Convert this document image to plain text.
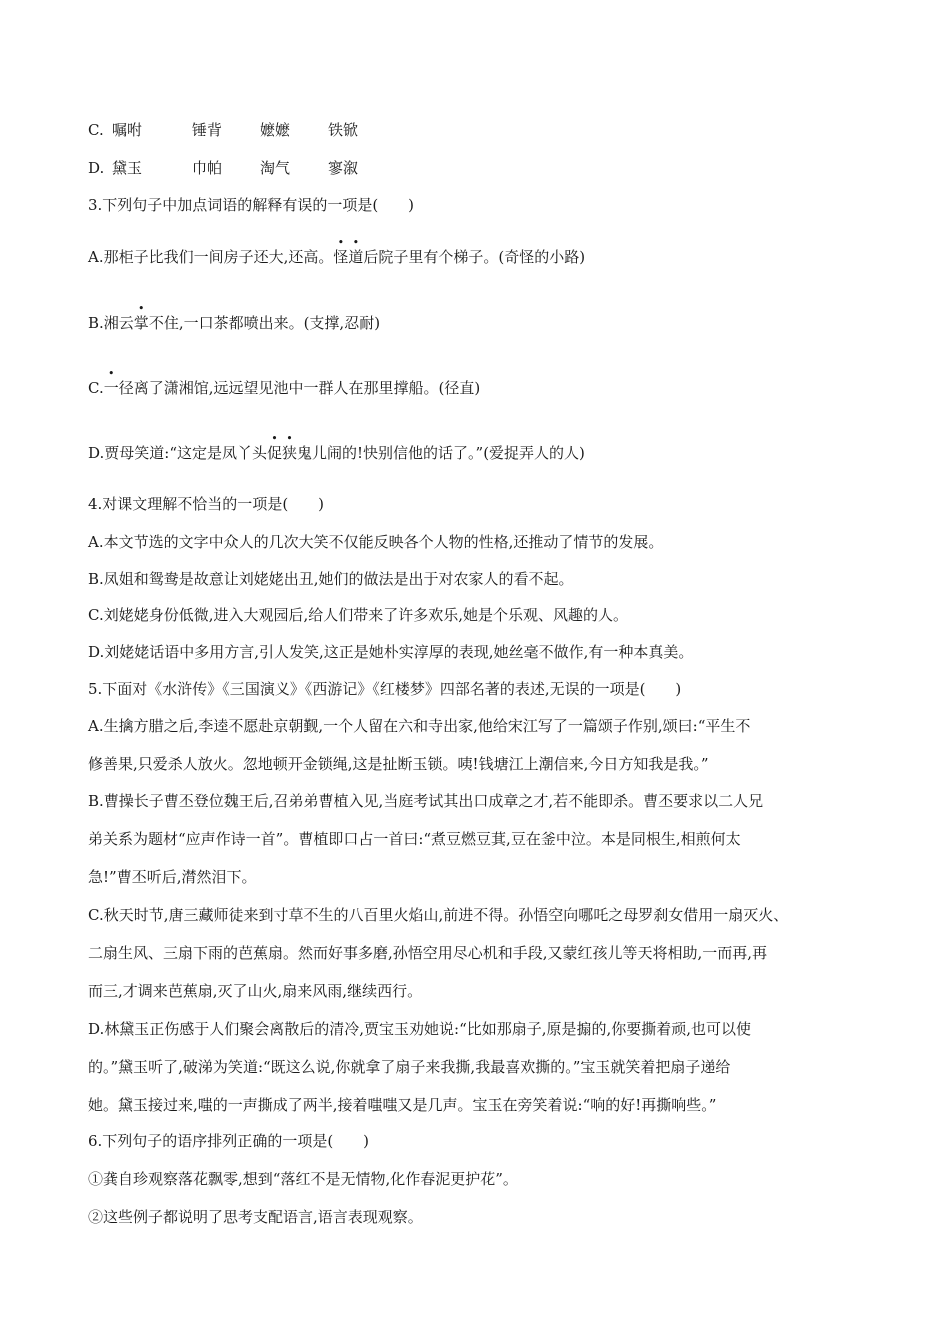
C. 嘱咐	锤背	嬷嬷	铁锨
D. 黛玉	巾帕	淘气	寥溆
3.下列句子中加点词语的解释有误的一项是(　　)
A.那柜子比我们一间房子还大,还高。
• •
怪道后院子里有个梯子。(奇怪的小路)
B.湘云
•
掌不住,一口茶都喷出来。(支撑,忍耐)
C.
•
一径离了潇湘馆,远远望见池中一群人在那里撑船。(径直)
D.贾母笑道:“这定是凤丫头
• •
促狭鬼儿闹的!快别信他的话了。”(爱捉弄人的人)
4.对课文理解不恰当的一项是(　　)
A.本文节选的文字中众人的几次大笑不仅能反映各个人物的性格,还推动了情节的发展。
B.凤姐和鸳鸯是故意让刘姥姥出丑,她们的做法是出于对农家人的看不起。
C.刘姥姥身份低微,进入大观园后,给人们带来了许多欢乐,她是个乐观、风趣的人。
D.刘姥姥话语中多用方言,引人发笑,这正是她朴实淳厚的表现,她丝毫不做作,有一种本真美。
5.下面对《水浒传》《三国演义》《西游记》《红楼梦》四部名著的表述,无误的一项是(　　)
A.生擒方腊之后,李逵不愿赴京朝觐,一个人留在六和寺出家,他给宋江写了一篇颂子作别,颂曰:“平生不
修善果,只爱杀人放火。忽地顿开金锁绳,这是扯断玉锁。咦!钱塘江上潮信来,今日方知我是我。”
B.曹操长子曹丕登位魏王后,召弟弟曹植入见,当庭考试其出口成章之才,若不能即杀。曹丕要求以二人兄
弟关系为题材“应声作诗一首”。曹植即口占一首曰:“煮豆燃豆萁,豆在釜中泣。本是同根生,相煎何太
急!”曹丕听后,潸然泪下。
C.秋天时节,唐三藏师徒来到寸草不生的八百里火焰山,前进不得。孙悟空向哪吒之母罗刹女借用一扇灭火、
二扇生风、三扇下雨的芭蕉扇。然而好事多磨,孙悟空用尽心机和手段,又蒙红孩儿等天将相助,一而再,再
而三,才调来芭蕉扇,灭了山火,扇来风雨,继续西行。
D.林黛玉正伤感于人们聚会离散后的清冷,贾宝玉劝她说:“比如那扇子,原是搧的,你要撕着顽,也可以使
的。”黛玉听了,破涕为笑道:“既这么说,你就拿了扇子来我撕,我最喜欢撕的。”宝玉就笑着把扇子递给
她。黛玉接过来,嗤的一声撕成了两半,接着嗤嗤又是几声。宝玉在旁笑着说:“响的好!再撕响些。”
6.下列句子的语序排列正确的一项是(　　)
①龚自珍观察落花飘零,想到“落红不是无情物,化作春泥更护花”。
②这些例子都说明了思考支配语言,语言表现观察。
